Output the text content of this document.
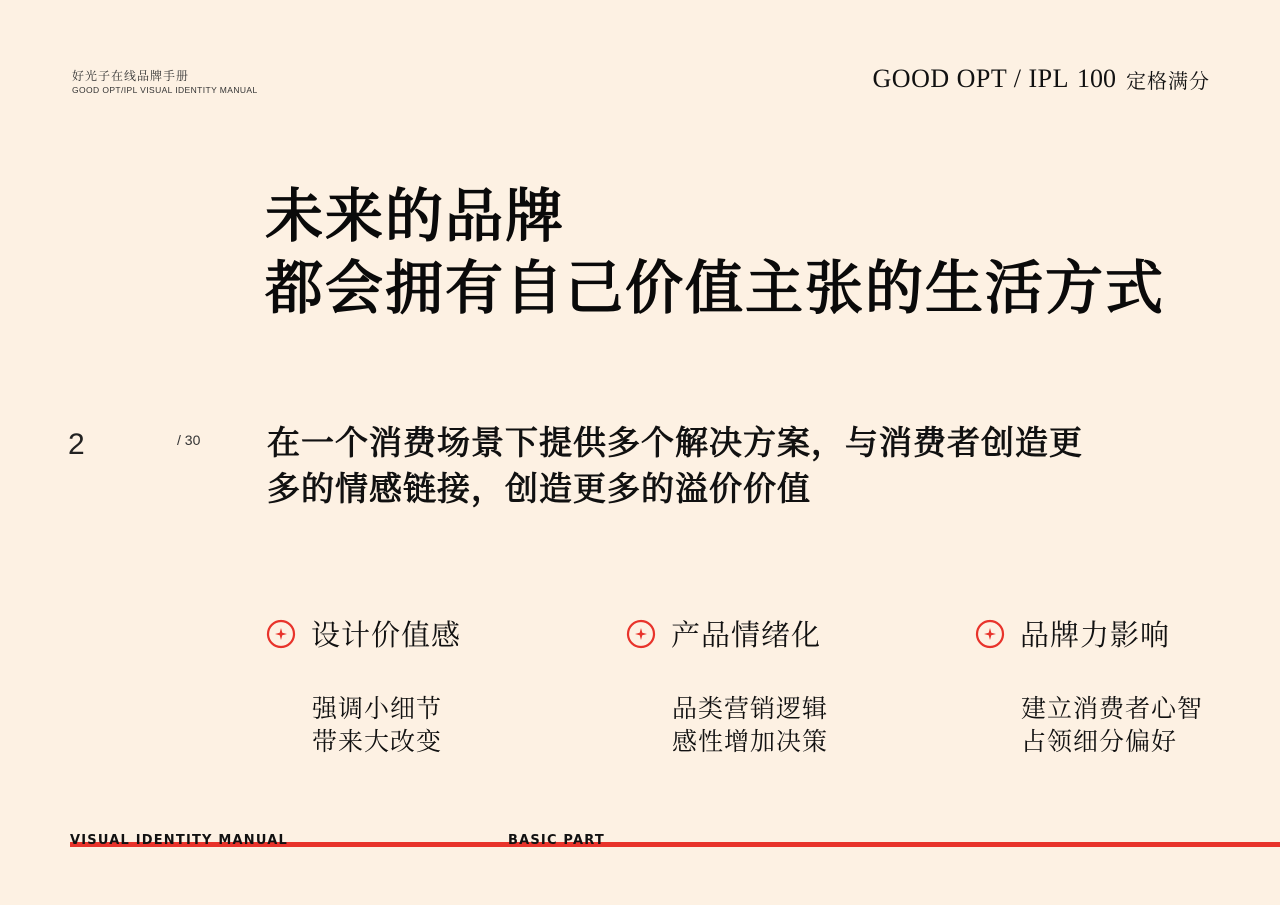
好光子在线品牌手册
GOOD OPT/IPL VISUAL IDENTITY MANUAL	GOOD OPT / IPL 100 定格满分
未来的品牌
都会拥有自己价值主张的生活方式
2	/ 30 在一个消费场景下提供多个解决方案，与消费者创造更
多的情感链接，创造更多的溢价价值
设计价值感
强调小细节
带来大改变
产品情绪化
品类营销逻辑
感性增加决策
品牌力影响
建立消费者心智
占领细分偏好
VISUAL IDENTITY MANUAL	BASIC PART
